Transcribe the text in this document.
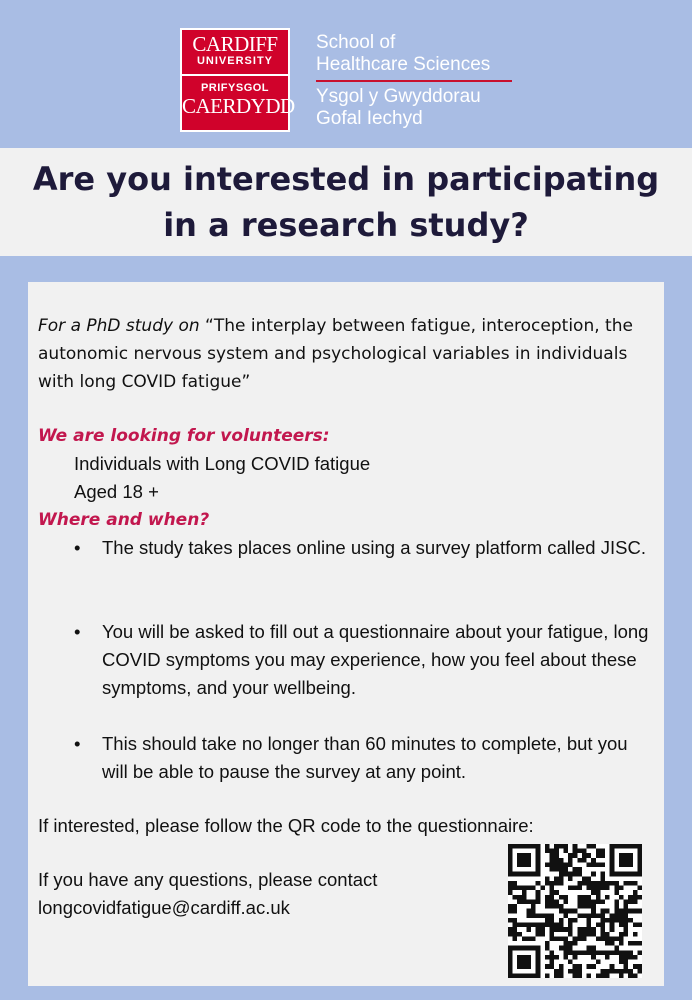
CARDIFF
UNIVERSITY
PRIFYSGOL
CAERDYDD
School of
Healthcare Sciences
Ysgol y Gwyddorau
Gofal Iechyd
Are you interested in participating in a research study?
For a PhD study on “The interplay between fatigue, interoception, the autonomic nervous system and psychological variables in individuals with long COVID fatigue”
We are looking for volunteers:
Individuals with Long COVID fatigue
Aged 18 +
Where and when?
• The study takes places online using a survey platform called JISC.
• You will be asked to fill out a questionnaire about your fatigue, long COVID symptoms you may experience, how you feel about these symptoms, and your wellbeing.
• This should take no longer than 60 minutes to complete, but you will be able to pause the survey at any point.
If interested, please follow the QR code to the questionnaire:
If you have any questions, please contact
longcovidfatigue@cardiff.ac.uk
